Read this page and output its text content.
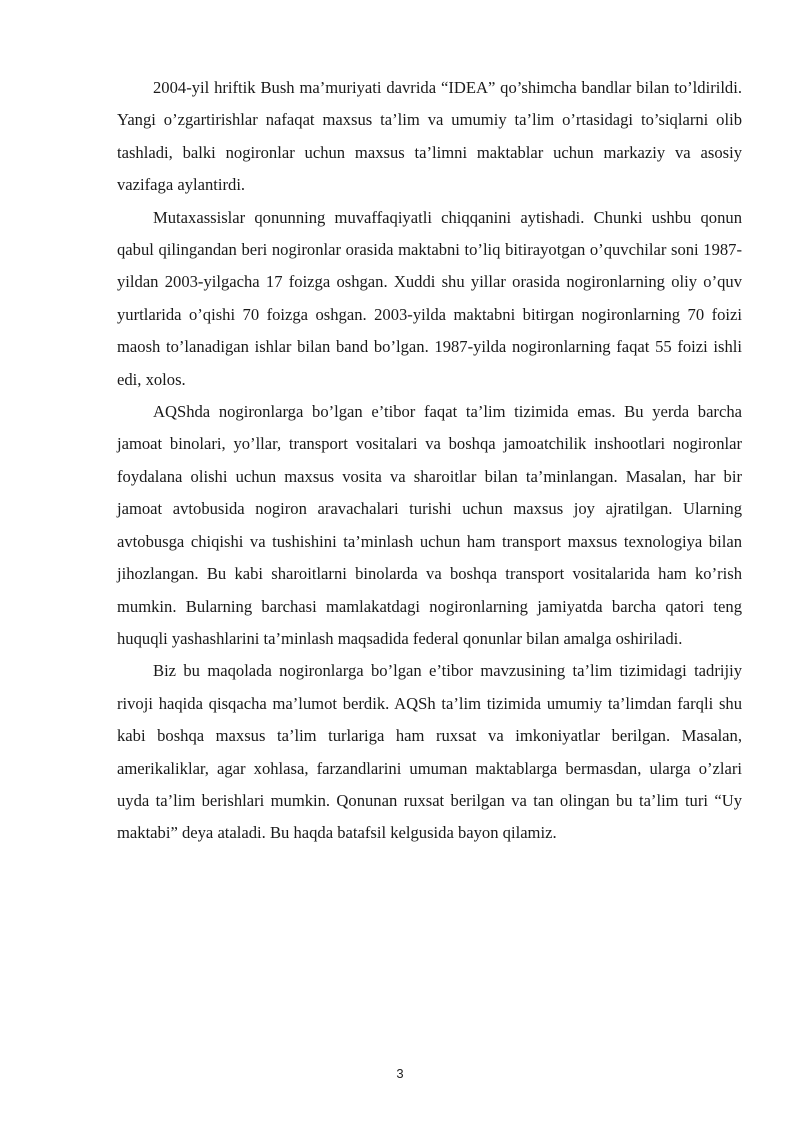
2004-yil hriftik Bush ma’muriyati davrida “IDEA” qo’shimcha bandlar bilan to’ldirildi. Yangi o’zgartirishlar nafaqat maxsus ta’lim va umumiy ta’lim o’rtasidagi to’siqlarni olib tashladi, balki nogironlar uchun maxsus ta’limni maktablar uchun markaziy va asosiy vazifaga aylantirdi.

Mutaxassislar qonunning muvaffaqiyatli chiqqanini aytishadi. Chunki ushbu qonun qabul qilingandan beri nogironlar orasida maktabni to’liq bitirayotgan o’quvchilar soni 1987-yildan 2003-yilgacha 17 foizga oshgan. Xuddi shu yillar orasida nogironlarning oliy o’quv yurtlarida o’qishi 70 foizga oshgan. 2003-yilda maktabni bitirgan nogironlarning 70 foizi maosh to’lanadigan ishlar bilan band bo’lgan. 1987-yilda nogironlarning faqat 55 foizi ishli edi, xolos.

AQShda nogironlarga bo’lgan e’tibor faqat ta’lim tizimida emas. Bu yerda barcha jamoat binolari, yo’llar, transport vositalari va boshqa jamoatchilik inshootlari nogironlar foydalana olishi uchun maxsus vosita va sharoitlar bilan ta’minlangan. Masalan, har bir jamoat avtobusida nogiron aravachalari turishi uchun maxsus joy ajratilgan. Ularning avtobusga chiqishi va tushishini ta’minlash uchun ham transport maxsus texnologiya bilan jihozlangan. Bu kabi sharoitlarni binolarda va boshqa transport vositalarida ham ko’rish mumkin. Bularning barchasi mamlakatdagi nogironlarning jamiyatda barcha qatori teng huquqli yashashlarini ta’minlash maqsadida federal qonunlar bilan amalga oshiriladi.

Biz bu maqolada nogironlarga bo’lgan e’tibor mavzusining ta’lim tizimidagi tadrijiy rivoji haqida qisqacha ma’lumot berdik. AQSh ta’lim tizimida umumiy ta’limdan farqli shu kabi boshqa maxsus ta’lim turlariga ham ruxsat va imkoniyatlar berilgan. Masalan, amerikaliklar, agar xohlasa, farzandlarini umuman maktablarga bermasdan, ularga o’zlari uyda ta’lim berishlari mumkin. Qonunan ruxsat berilgan va tan olingan bu ta’lim turi “Uy maktabi” deya ataladi. Bu haqda batafsil kelgusida bayon qilamiz.

3
